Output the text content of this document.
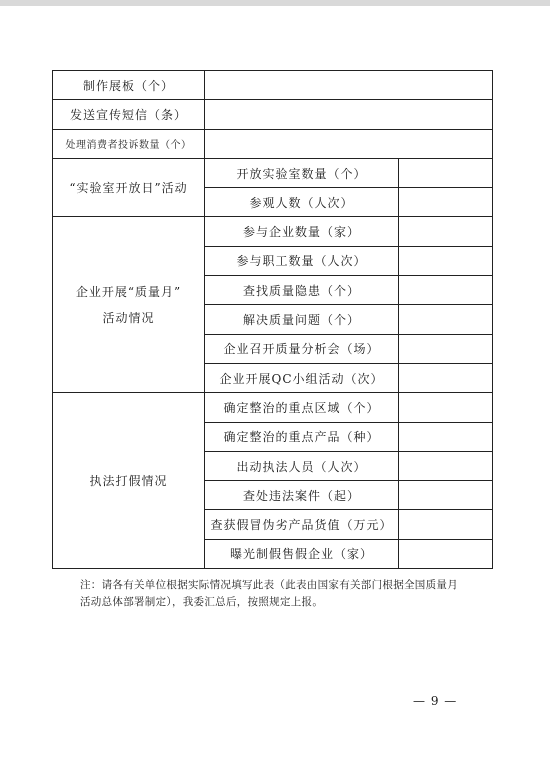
制作展板（个）		
发送宣传短信（条）		
处理消费者投诉数量（个）		
“实验室开放日”活动	开放实验室数量（个）	
	参观人数（人次）	

企业开展“质量月”
活动情况	参与企业数量（家）	
	参与职工数量（人次）	
	查找质量隐患（个）	
	解决质量问题（个）	
	企业召开质量分析会（场）	
	企业开展QC小组活动（次）	
执法打假情况	确定整治的重点区域（个）	
	确定整治的重点产品（种）	
	出动执法人员（人次）	
	查处违法案件（起）	
	查获假冒伪劣产品货值（万元）	
	曝光制假售假企业（家）	
注：请各有关单位根据实际情况填写此表（此表由国家有关部门根据全国质量月
活动总体部署制定），我委汇总后，按照规定上报。
— 9 —
